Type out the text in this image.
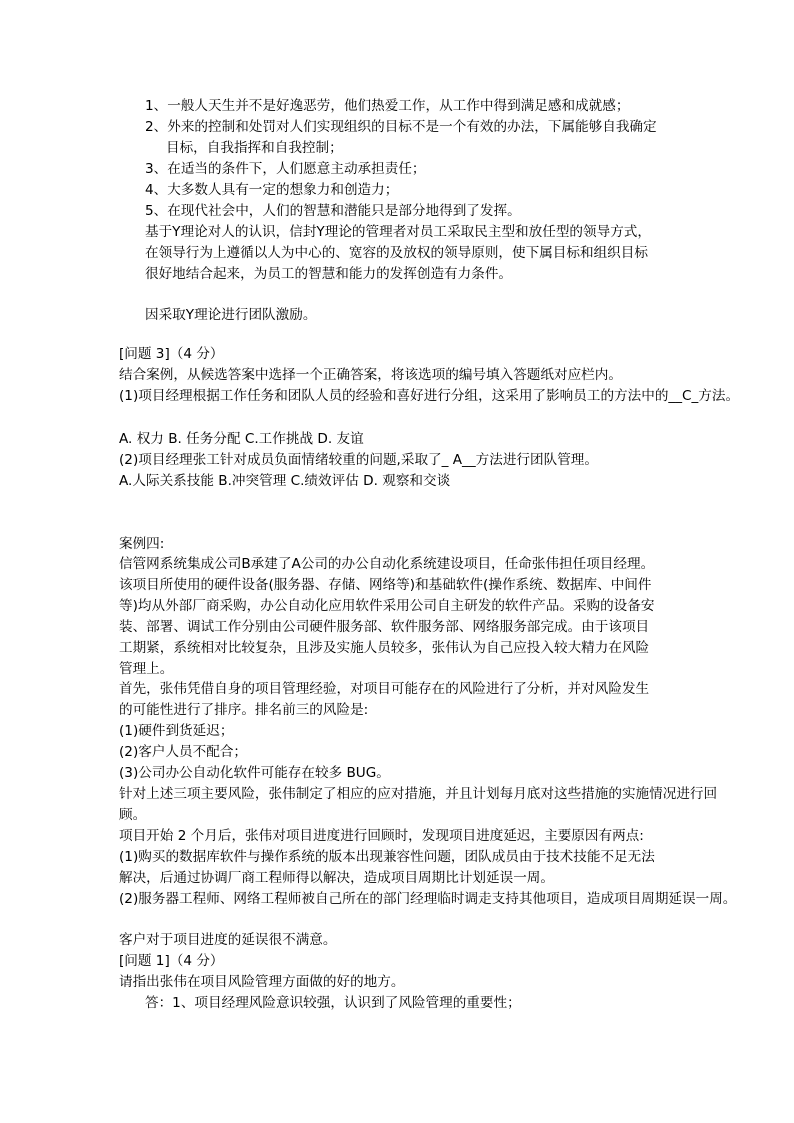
1、一般人天生并不是好逸恶劳，他们热爱工作，从工作中得到满足感和成就感；
2、外来的控制和处罚对人们实现组织的目标不是一个有效的办法，下属能够自我确定
目标，自我指挥和自我控制；
3、在适当的条件下，人们愿意主动承担责任；
4、大多数人具有一定的想象力和创造力；
5、在现代社会中，人们的智慧和潜能只是部分地得到了发挥。
基于Y理论对人的认识，信封Y理论的管理者对员工采取民主型和放任型的领导方式，
在领导行为上遵循以人为中心的、宽容的及放权的领导原则，使下属目标和组织目标
很好地结合起来，为员工的智慧和能力的发挥创造有力条件。
因采取Y理论进行团队激励。
[问题 3]（4 分）
结合案例，从候选答案中选择一个正确答案，将该选项的编号填入答题纸对应栏内。
(1)项目经理根据工作任务和团队人员的经验和喜好进行分组，这采用了影响员工的方法中的__C_方法。
A. 权力 B. 任务分配 C.工作挑战 D. 友谊
(2)项目经理张工针对成员负面情绪较重的问题,采取了_ A__方法进行团队管理。
A.人际关系技能 B.冲突管理 C.绩效评估 D. 观察和交谈
案例四:
信管网系统集成公司B承建了A公司的办公自动化系统建设项目，任命张伟担任项目经理。
该项目所使用的硬件设备(服务器、存储、网络等)和基础软件(操作系统、数据库、中间件
等)均从外部厂商采购，办公自动化应用软件采用公司自主研发的软件产品。采购的设备安
装、部署、调试工作分别由公司硬件服务部、软件服务部、网络服务部完成。由于该项目
工期紧，系统相对比较复杂，且涉及实施人员较多，张伟认为自己应投入较大精力在风险
管理上。
首先，张伟凭借自身的项目管理经验，对项目可能存在的风险进行了分析，并对风险发生
的可能性进行了排序。排名前三的风险是:
(1)硬件到货延迟；
(2)客户人员不配合；
(3)公司办公自动化软件可能存在较多 BUG。
针对上述三项主要风险，张伟制定了相应的应对措施，并且计划每月底对这些措施的实施情况进行回
顾。
项目开始 2 个月后，张伟对项目进度进行回顾时，发现项目进度延迟，主要原因有两点:
(1)购买的数据库软件与操作系统的版本出现兼容性问题，团队成员由于技术技能不足无法
解决，后通过协调厂商工程师得以解决，造成项目周期比计划延误一周。
(2)服务器工程师、网络工程师被自己所在的部门经理临时调走支持其他项目，造成项目周期延误一周。
客户对于项目进度的延误很不满意。
[问题 1]（4 分）
请指出张伟在项目风险管理方面做的好的地方。
答：1、项目经理风险意识较强，认识到了风险管理的重要性；
